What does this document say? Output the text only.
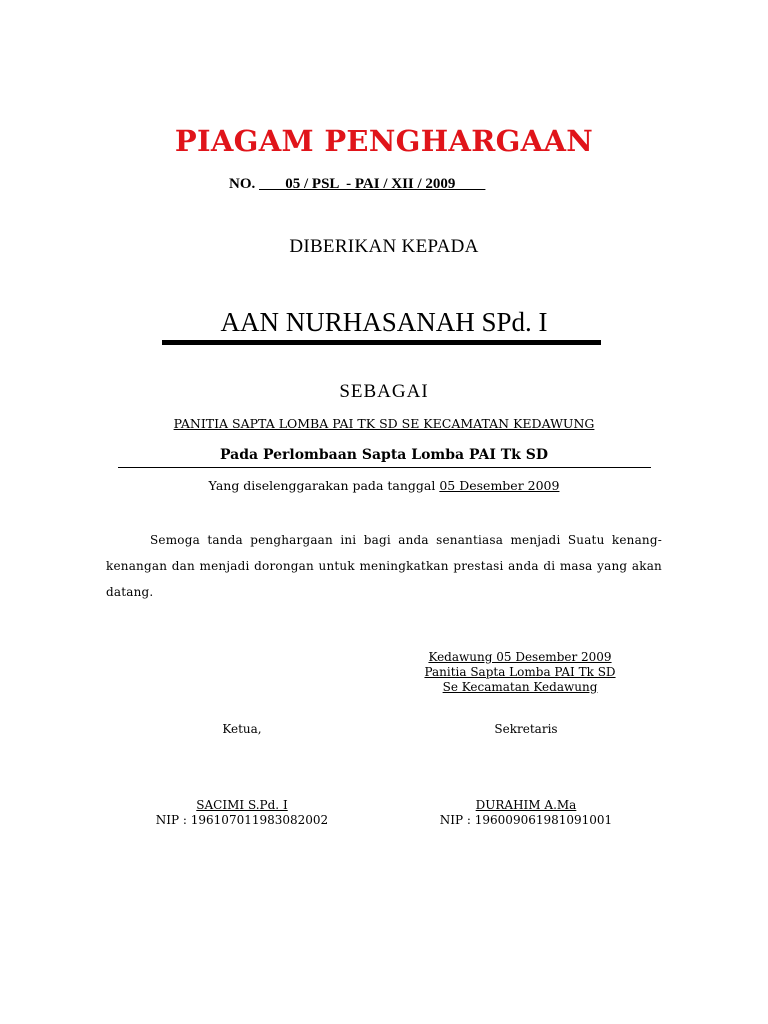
PIAGAM PENGHARGAAN
NO.        05 / PSL  - PAI / XII / 2009
DIBERIKAN KEPADA
AAN NURHASANAH SPd. I
SEBAGAI
PANITIA SAPTA LOMBA PAI TK SD SE KECAMATAN KEDAWUNG
Pada Perlombaan Sapta Lomba PAI Tk SD
Yang diselenggarakan pada tanggal 05 Desember 2009
Semoga tanda penghargaan ini bagi anda senantiasa menjadi Suatu kenang-kenangan dan menjadi dorongan untuk meningkatkan prestasi anda di masa yang akan datang.
Kedawung 05 Desember 2009
Panitia Sapta Lomba PAI Tk SD
Se Kecamatan Kedawung
Ketua,
SACIMI S.Pd. I
NIP : 196107011983082002
Sekretaris
DURAHIM A.Ma
NIP : 196009061981091001
